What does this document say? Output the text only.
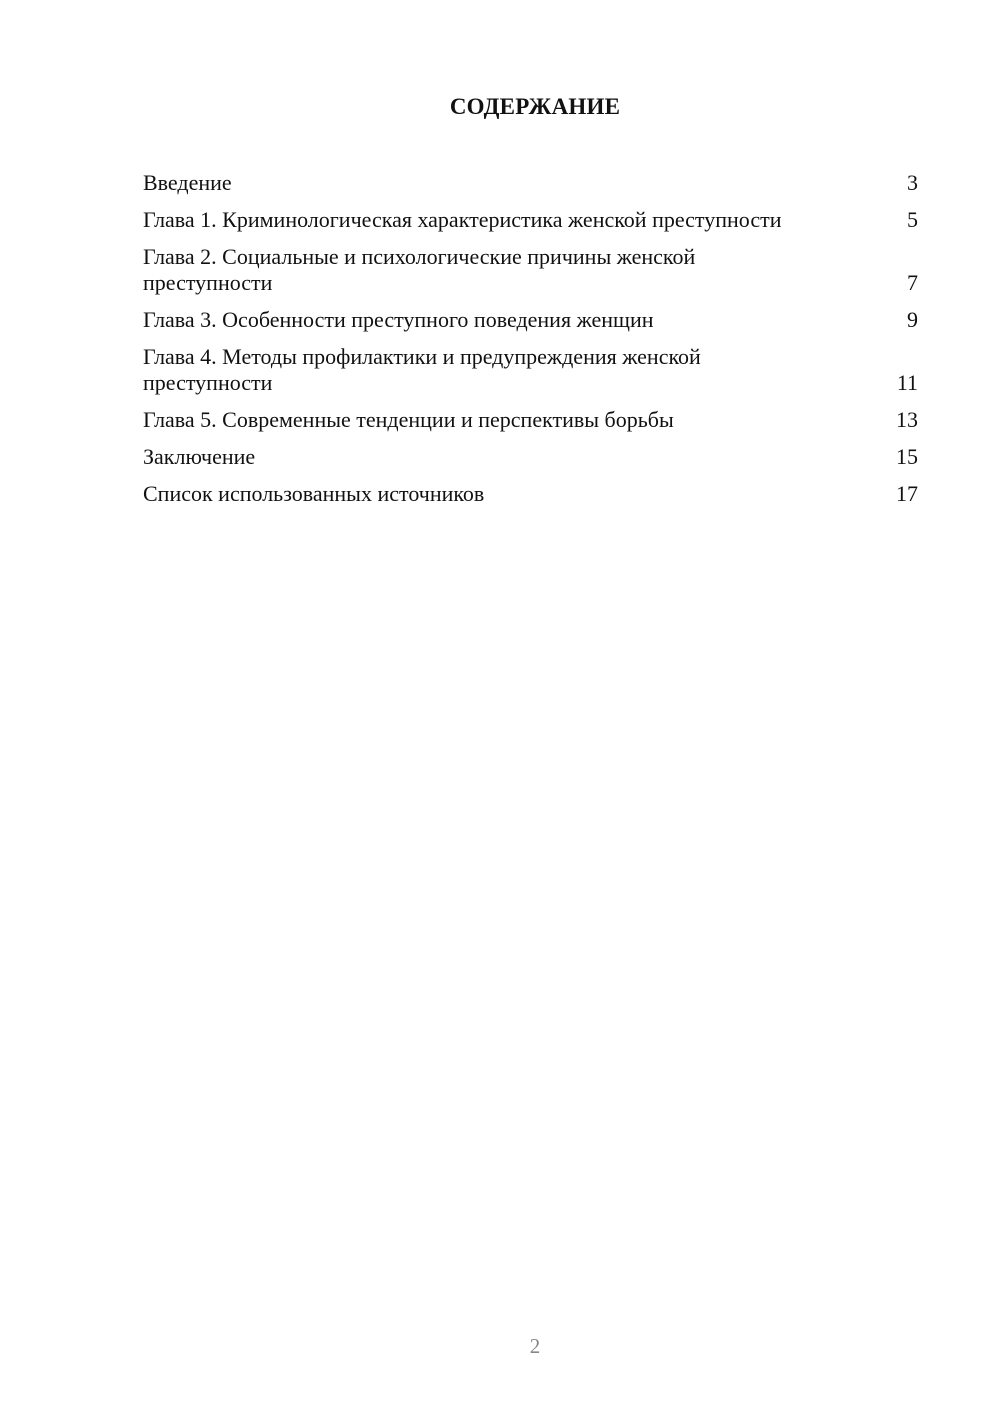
СОДЕРЖАНИЕ
Введение	3
Глава 1. Криминологическая характеристика женской преступности	5
Глава 2. Социальные и психологические причины женской преступности	7
Глава 3. Особенности преступного поведения женщин	9
Глава 4. Методы профилактики и предупреждения женской преступности	11
Глава 5. Современные тенденции и перспективы борьбы	13
Заключение	15
Список использованных источников	17
2
